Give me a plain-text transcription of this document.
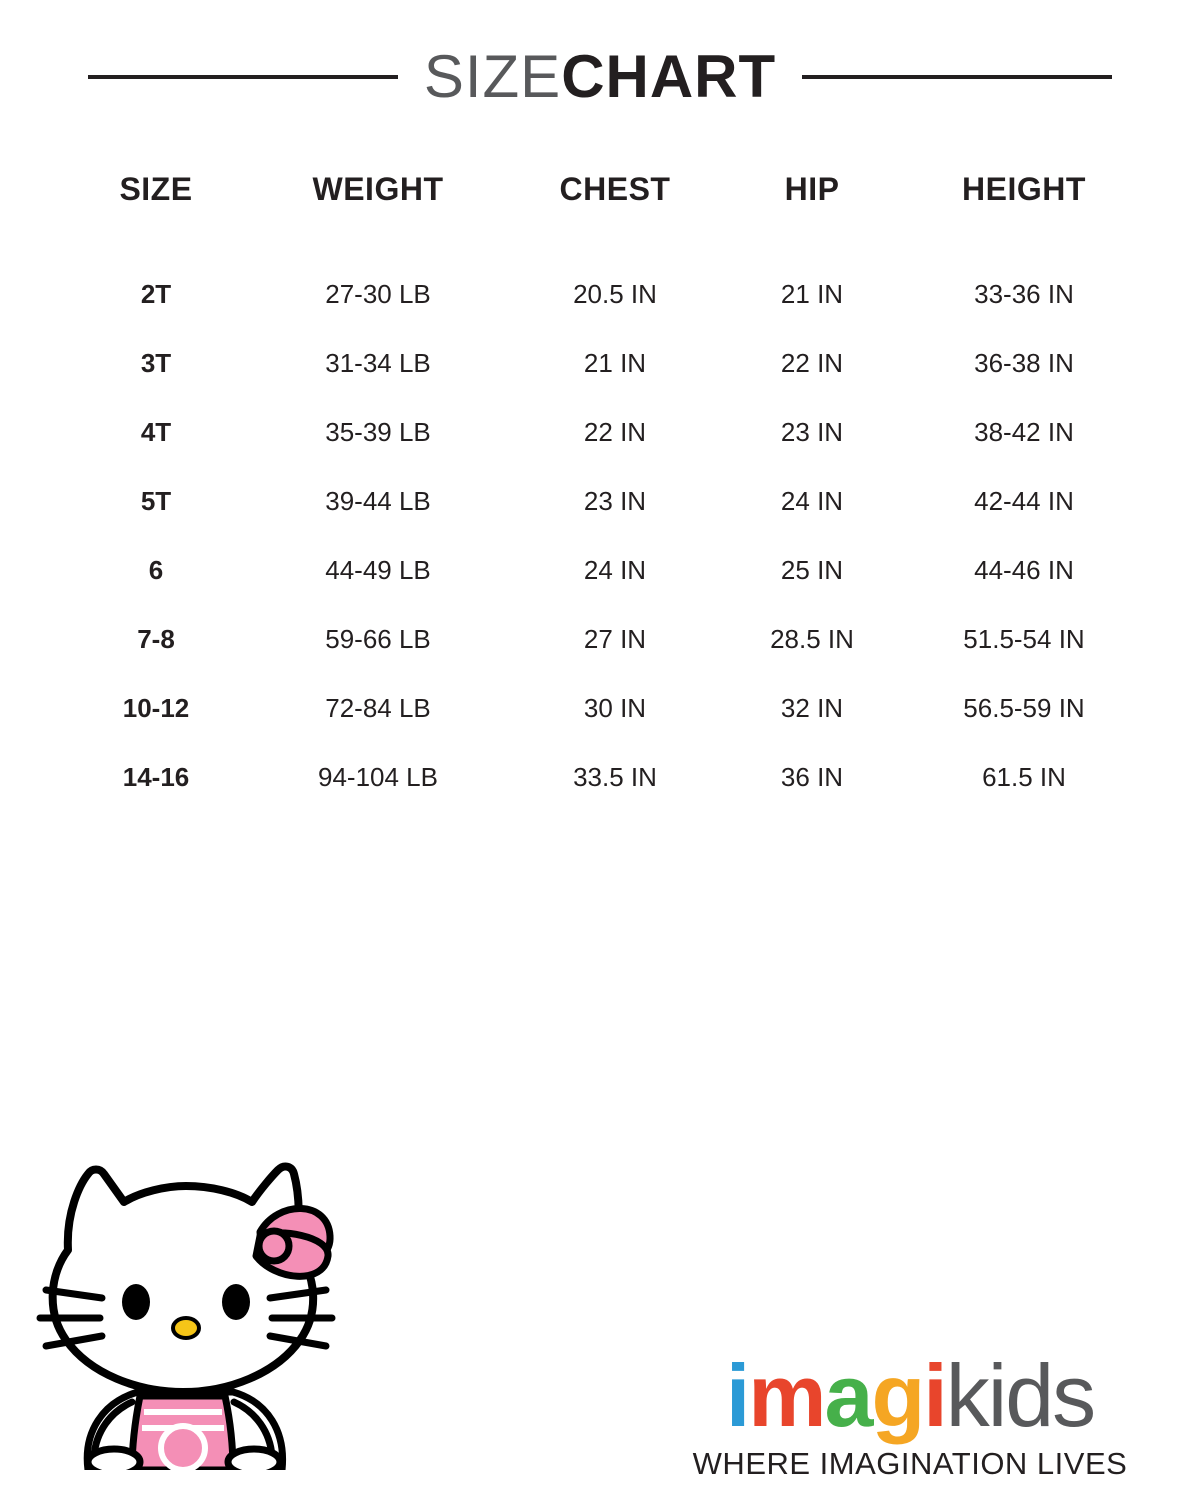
SIZECHART
SIZE	WEIGHT	CHEST	HIP	HEIGHT
2T	27-30 LB	20.5 IN	21 IN	33-36 IN
3T	31-34 LB	21 IN	22 IN	36-38 IN
4T	35-39 LB	22 IN	23 IN	38-42 IN
5T	39-44 LB	23 IN	24 IN	42-44 IN
6	44-49 LB	24 IN	25 IN	44-46 IN
7-8	59-66 LB	27 IN	28.5 IN	51.5-54 IN
10-12	72-84 LB	30 IN	32 IN	56.5-59 IN
14-16	94-104 LB	33.5 IN	36 IN	61.5 IN
imagikids
WHERE IMAGINATION LIVES
